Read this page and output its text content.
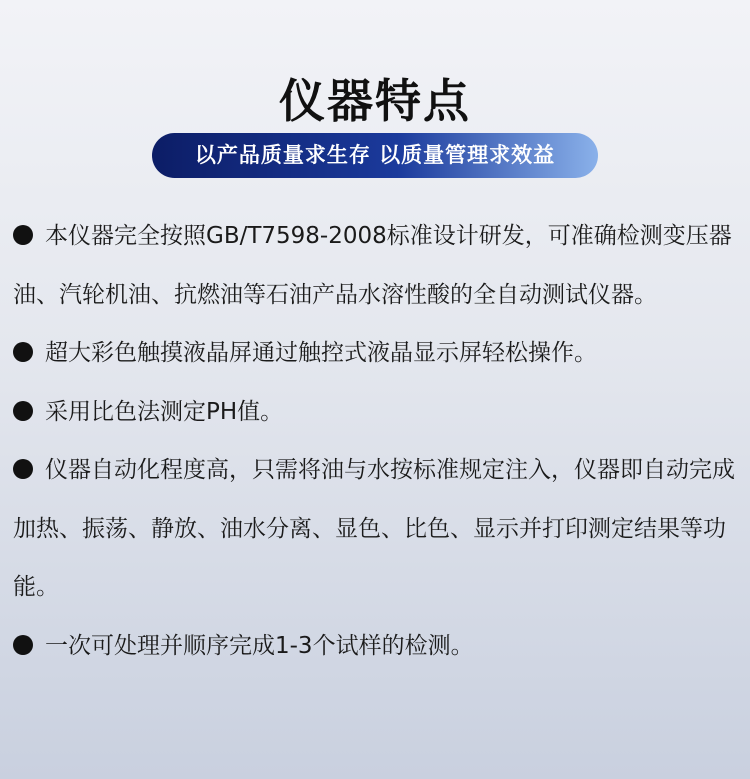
仪器特点
以产品质量求生存 以质量管理求效益
本仪器完全按照GB/T7598-2008标准设计研发，可准确检测变压器油、汽轮机油、抗燃油等石油产品水溶性酸的全自动测试仪器。
超大彩色触摸液晶屏通过触控式液晶显示屏轻松操作。
采用比色法测定PH值。
仪器自动化程度高，只需将油与水按标准规定注入，仪器即自动完成加热、振荡、静放、油水分离、显色、比色、显示并打印测定结果等功能。
一次可处理并顺序完成1-3个试样的检测。
